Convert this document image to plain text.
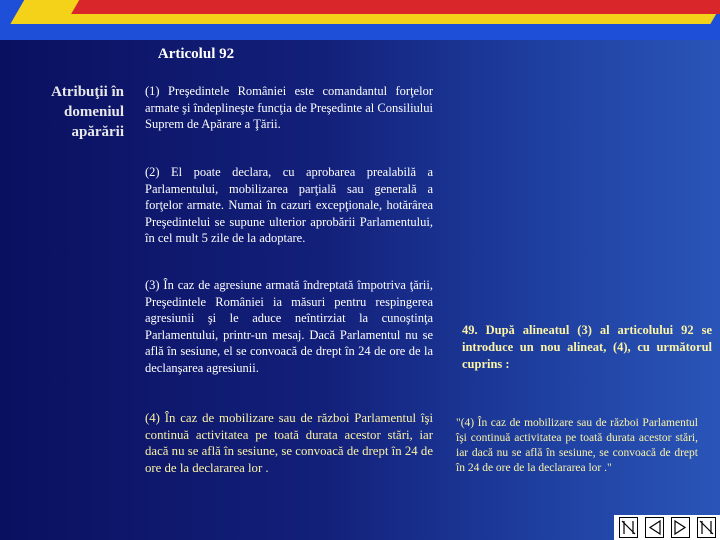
Articolul 92
Atribuţii în domeniul apărării
(1) Preşedintele României este comandantul forţelor armate şi îndeplineşte funcţia de Preşedinte al Consiliului Suprem de Apărare a Ţării.
(2) El poate declara, cu aprobarea prealabilă a Parlamentului, mobilizarea parţială sau generală a forţelor armate. Numai în cazuri excepţionale, hotărârea Preşedintelui se supune ulterior aprobării Parlamentului, în cel mult 5 zile de la adoptare.
(3) În caz de agresiune armată îndreptată împotriva ţării, Preşedintele României ia măsuri pentru respingerea agresiunii şi le aduce neîntirziat la cunoştinţa Parlamentului, printr-un mesaj. Dacă Parlamentul nu se află în sesiune, el se convoacă de drept în 24 de ore de la declanşarea agresiunii.
(4) În caz de mobilizare sau de război Parlamentul îşi continuă activitatea pe toată durata acestor stări, iar dacă nu se află în sesiune, se convoacă de drept în 24 de ore de la declararea lor .
49. După alineatul (3) al articolului 92 se introduce un nou alineat, (4), cu următorul cuprins :
"(4) În caz de mobilizare sau de război Parlamentul îşi continuă activitatea pe toată durata acestor stări, iar dacă nu se află în sesiune, se convoacă de drept în 24 de ore de la declararea lor ."
